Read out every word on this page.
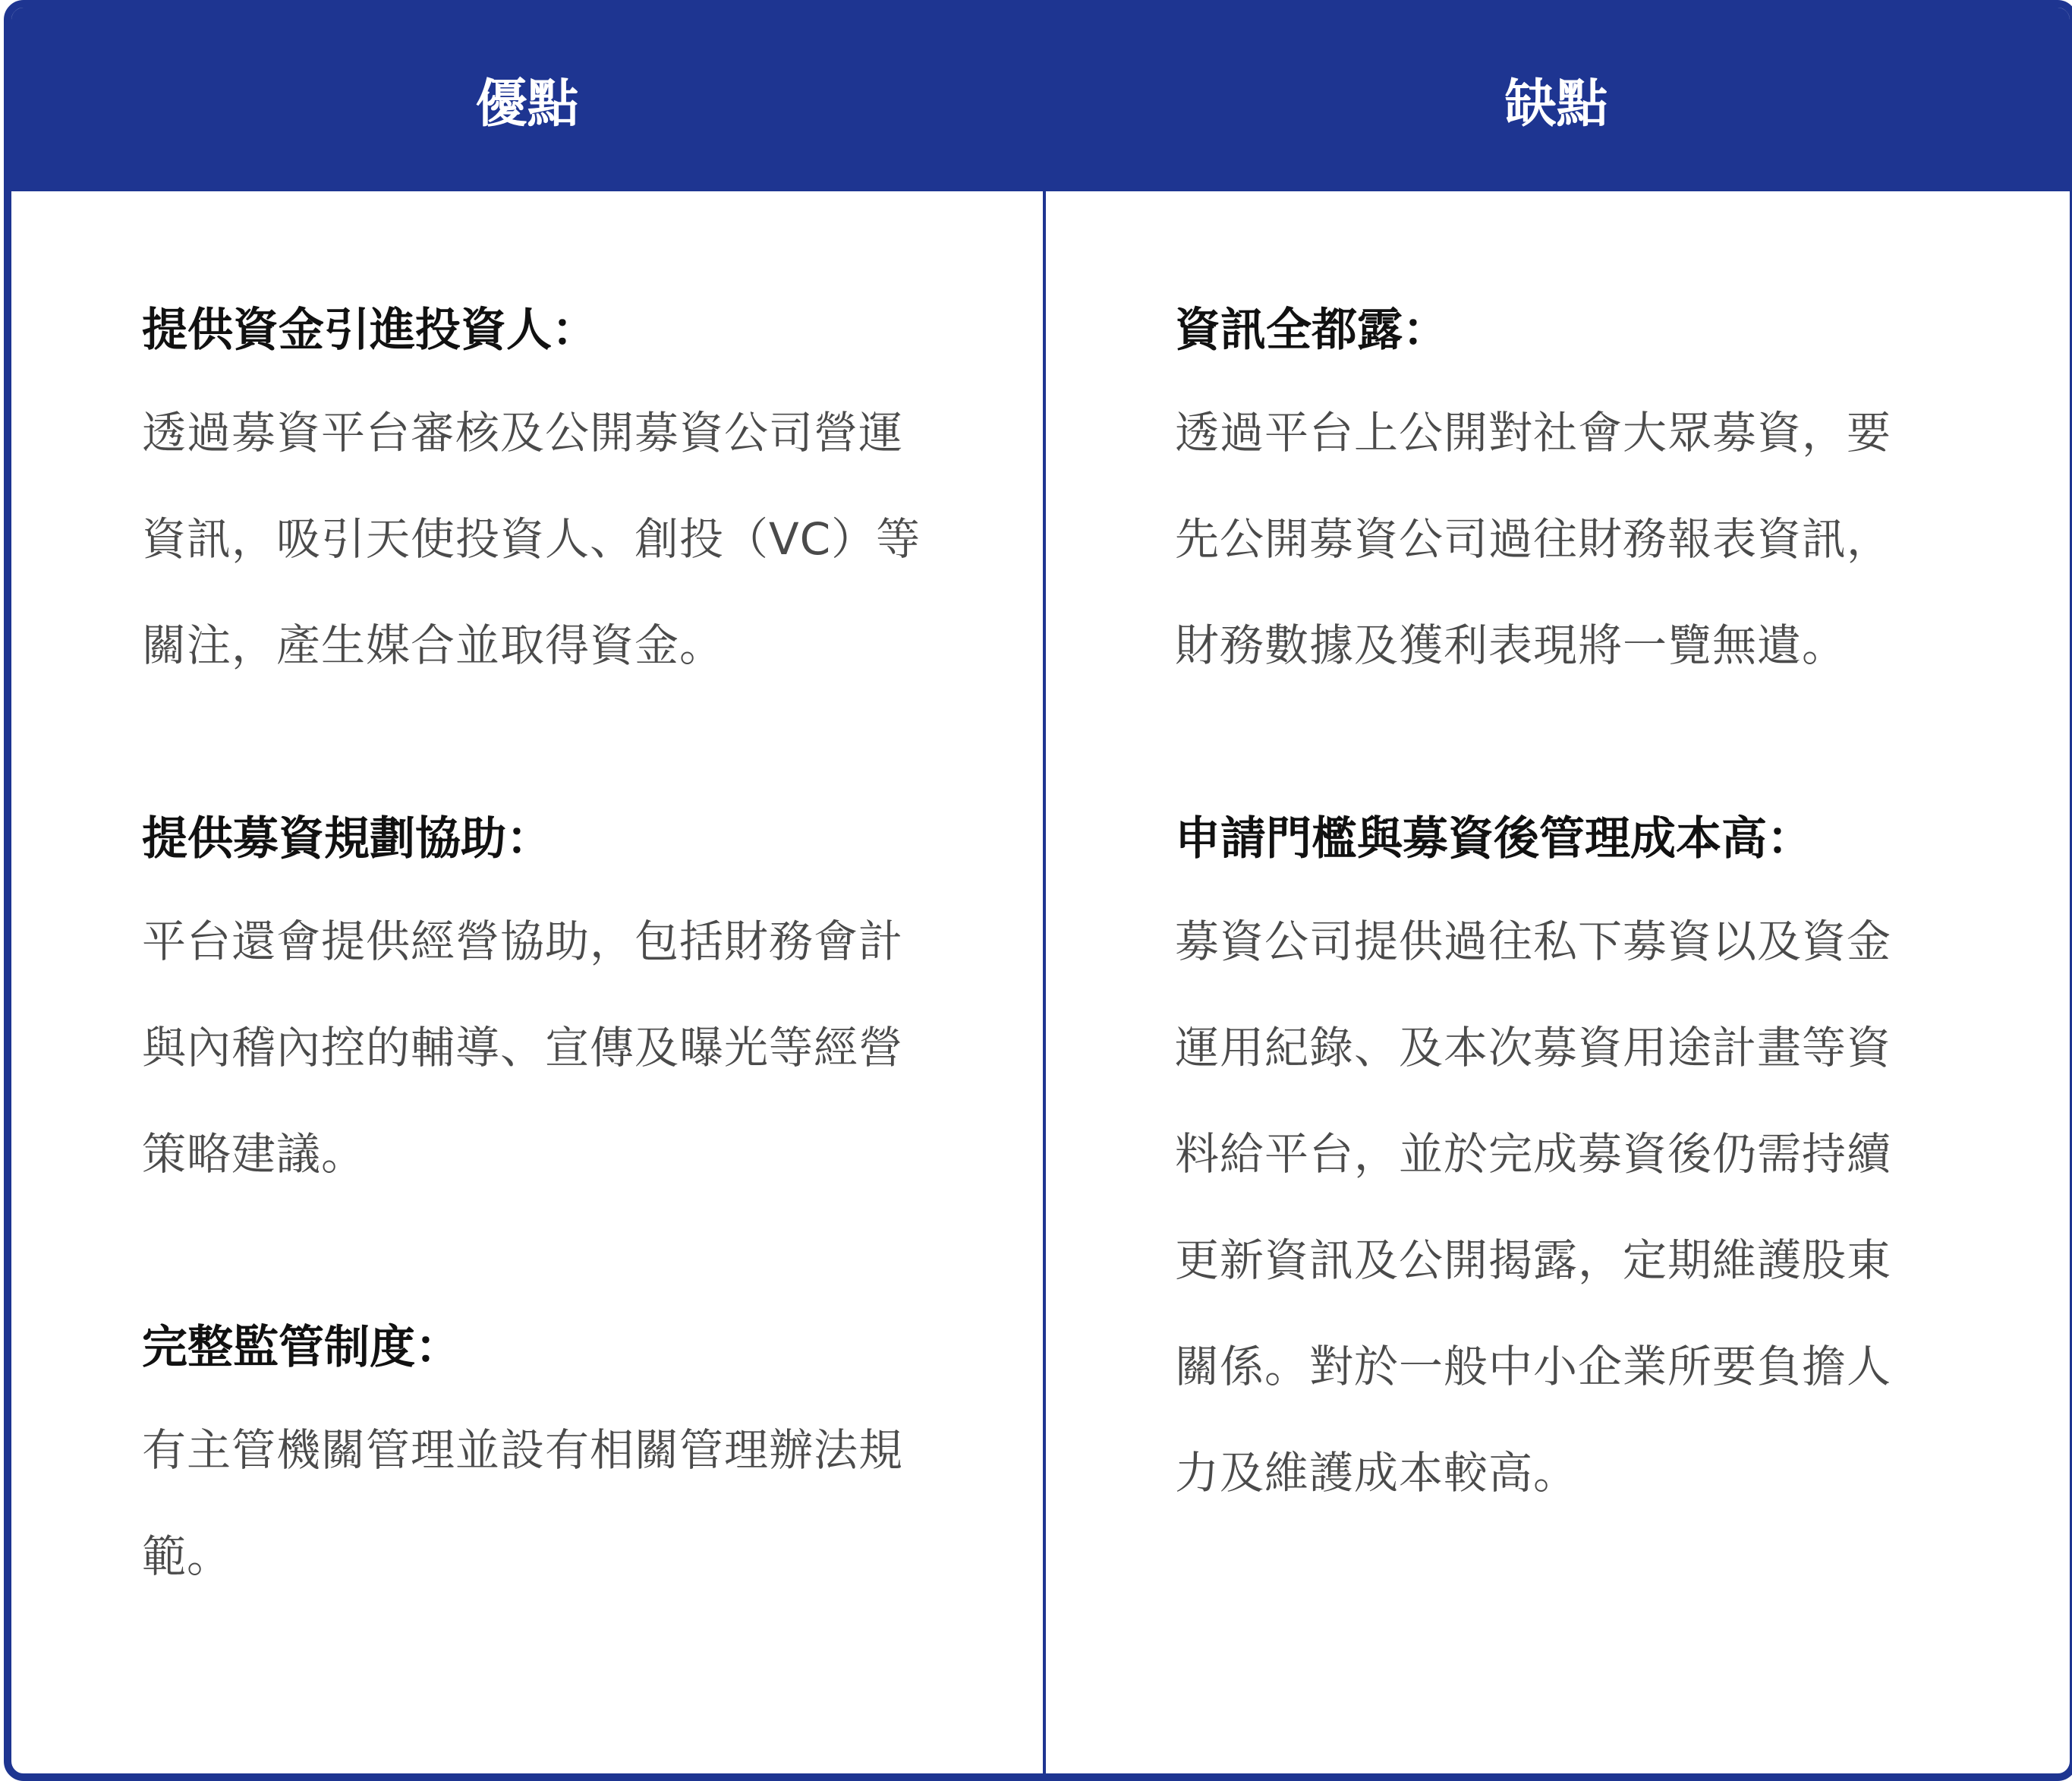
優點	缺點

提供資金引進投資人：

透過募資平台審核及公開募資公司營運
資訊，吸引天使投資人、創投（VC）等
關注，產生媒合並取得資金。

提供募資規劃協助：

平台還會提供經營協助，包括財務會計
與內稽內控的輔導、宣傳及曝光等經營
策略建議。

完整監管制度：

有主管機關管理並設有相關管理辦法規
範。

資訊全都露：

透過平台上公開對社會大眾募資，要
先公開募資公司過往財務報表資訊，
財務數據及獲利表現將一覽無遺。

申請門檻與募資後管理成本高：

募資公司提供過往私下募資以及資金
運用紀錄、及本次募資用途計畫等資
料給平台，並於完成募資後仍需持續
更新資訊及公開揭露，定期維護股東
關係。對於一般中小企業所要負擔人
力及維護成本較高。
